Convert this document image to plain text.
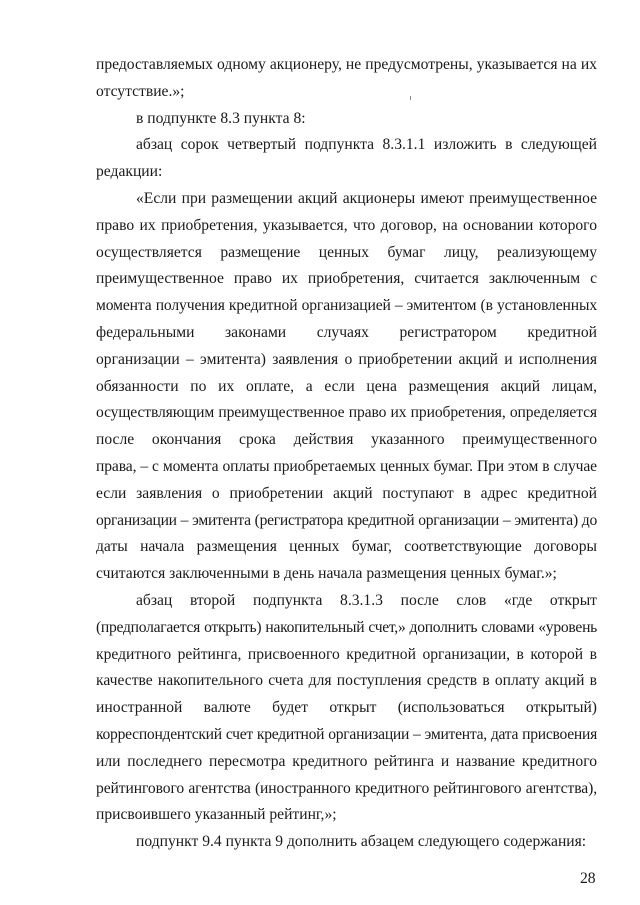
предоставляемых одному акционеру, не предусмотрены, указывается на их
отсутствие.»;
в подпункте 8.3 пункта 8:
абзац сорок четвертый подпункта 8.3.1.1 изложить в следующей
редакции:
«Если при размещении акций акционеры имеют преимущественное
право их приобретения, указывается, что договор, на основании которого
осуществляется размещение ценных бумаг лицу, реализующему
преимущественное право их приобретения, считается заключенным с
момента получения кредитной организацией – эмитентом (в установленных
федеральными законами случаях регистратором кредитной
организации – эмитента) заявления о приобретении акций и исполнения
обязанности по их оплате, а если цена размещения акций лицам,
осуществляющим преимущественное право их приобретения, определяется
после окончания срока действия указанного преимущественного
права, – с момента оплаты приобретаемых ценных бумаг. При этом в случае
если заявления о приобретении акций поступают в адрес кредитной
организации – эмитента (регистратора кредитной организации – эмитента) до
даты начала размещения ценных бумаг, соответствующие договоры
считаются заключенными в день начала размещения ценных бумаг.»;
абзац второй подпункта 8.3.1.3 после слов «где открыт
(предполагается открыть) накопительный счет,» дополнить словами «уровень
кредитного рейтинга, присвоенного кредитной организации, в которой в
качестве накопительного счета для поступления средств в оплату акций в
иностранной валюте будет открыт (использоваться открытый)
корреспондентский счет кредитной организации – эмитента, дата присвоения
или последнего пересмотра кредитного рейтинга и название кредитного
рейтингового агентства (иностранного кредитного рейтингового агентства),
присвоившего указанный рейтинг,»;
подпункт 9.4 пункта 9 дополнить абзацем следующего содержания:
28
